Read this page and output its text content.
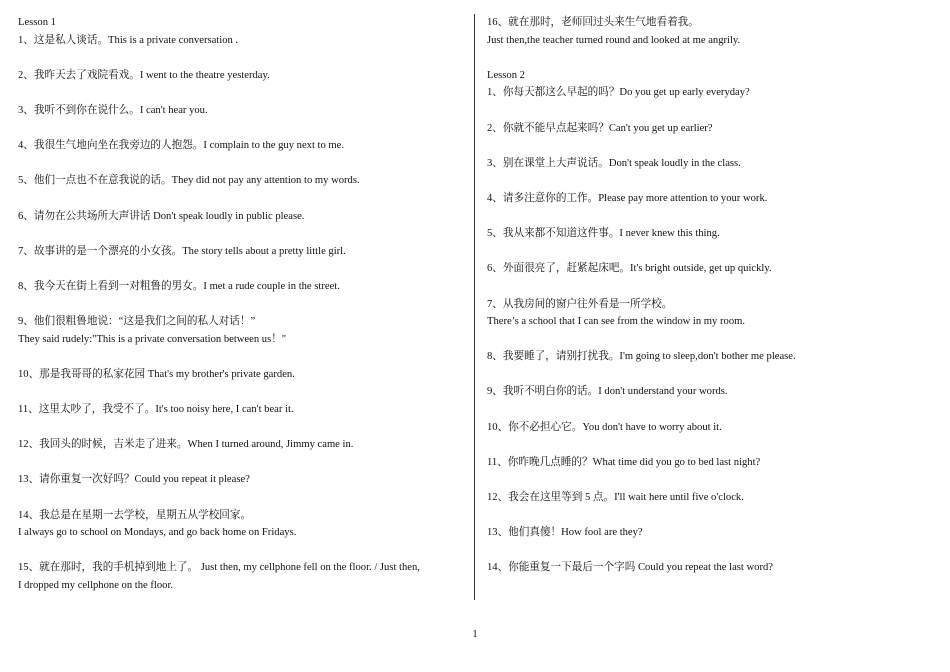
Lesson 1
1、这是私人谈话。This is a private conversation .
2、我昨天去了戏院看戏。I went to the theatre yesterday.
3、我听不到你在说什么。I can't hear you.
4、我很生气地向坐在我旁边的人抱怨。I complain to the guy next to me.
5、他们一点也不在意我说的话。They did not pay any attention to my words.
6、请勿在公共场所大声讲话 Don't speak loudly in public please.
7、故事讲的是一个漂亮的小女孩。The story tells about a pretty little girl.
8、我今天在街上看到一对粗鲁的男女。I met a rude couple in the street.
9、他们很粗鲁地说：“这是我们之间的私人对话！”
They said rudely:"This is a private conversation between us！"
10、那是我哥哥的私家花园 That's my brother's private garden.
11、这里太吵了，我受不了。It's too noisy here, I can't bear it.
12、我回头的时候，吉米走了进来。When I turned around, Jimmy came in.
13、请你重复一次好吗？Could you repeat it please?
14、我总是在星期一去学校，星期五从学校回家。
I always go to school on Mondays, and go back home on Fridays.
15、就在那时，我的手机掉到地上了。 Just then, my cellphone fell on the floor. / Just then,
I dropped my cellphone on the floor.
16、就在那时，老师回过头来生气地看着我。
Just then,the teacher turned round and looked at me angrily.
Lesson 2
1、你每天都这么早起的吗？Do you get up early everyday?
2、你就不能早点起来吗？Can't you get up earlier?
3、别在课堂上大声说话。Don't speak loudly in the class.
4、请多注意你的工作。Please pay more attention to your work.
5、我从来都不知道这件事。I never knew this thing.
6、外面很亮了，赶紧起床吧。It's bright outside, get up quickly.
7、从我房间的窗户往外看是一所学校。
There’s a school that I can see from the window in my room.
8、我要睡了，请别打扰我。I'm going to sleep,don't bother me please.
9、我听不明白你的话。I don't understand your words.
10、你不必担心它。You don't have to worry about it.
11、你昨晚几点睡的？What time did you go to bed last night?
12、我会在这里等到 5 点。I'll wait here until five o'clock.
13、他们真傻！How fool are they?
14、你能重复一下最后一个字吗 Could you repeat the last word?
1
